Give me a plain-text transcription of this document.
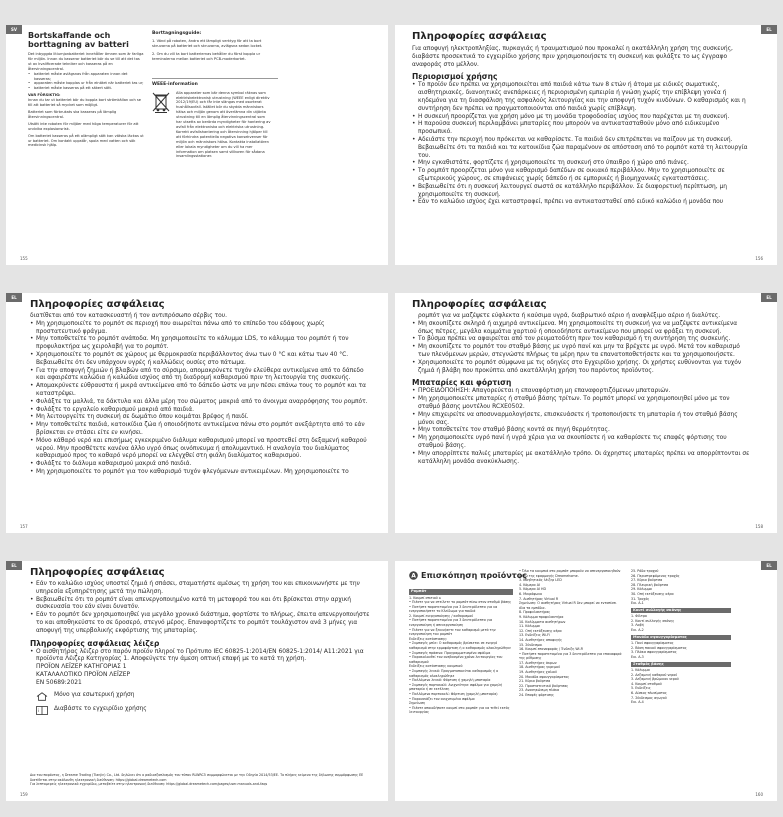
SV
Bortskaffande och
borttagning av batteri
Det inbyggda litiumjonbatteriet innehåller ämnen som är farliga för miljön. Innan du kasserar batteriet bör du se till att det tas ut av kvalificerade tekniker och kasseras på en återvinningscentral.
• batteriet måste avlägsnas från apparaten innan det kasseras;
• apparaten måste kopplas ur från elnätet när batteriet tas ur;
• batteriet måste kasseras på ett säkert sätt.
VAR FÖRSIKTIG:
Innan du tar ut batteriet bör du koppla bort strömkällan och se till att batteriet så mycket som möjligt.
Batteriet som förbrukats ska kasseras på lämplig återvinningscentral.
Utsätt inte roboten för miljöer med höga temperaturer för att undvika explosionsrisk.
Om batteriet kasseras på ett olämpligt sätt kan vätska läckas ut ur batteriet. Om kontakt uppstår, spola med vatten och sök medicinsk hjälp.
Borttagningsguide:
1. Vänd på roboten, ändra ett lämpligt verktyg för att ta bort skruvarna på batteriet och skruvarna, avlägsna sedan locket.
2. Om du vill ta bort batteriernas behåller du först koppla ur terminalerna mellan batteriet och PCB-moderkortet.
WEEE-information
Alla apparater som bär denna symbol räknas som elektriskelektronisk utrustning (WEEE enligt direktiv 2012/19/EU) och får inte slängas med osorterat hushållsavfall. Istället bör du skydda människors hälsa och miljön genom att överlämna din utjänta utrustning till en lämplig återvinningscentral som har utsetts av berörda myndigheter för hantering av avfall från elektroniska och elektriska utrustning. Korrekt avfallshantering och återvinning hjälper till att förhindra potentiella negativa konsekvenser för miljön och människors hälsa. Kontakta installatören eller lokala myndigheter om du vill ha mer information om platsen samt villkoren för sådana insamlingsstationer.
155
EL
Πληροφορίες ασφάλειας
Για αποφυγή ηλεκτροπληξίας, πυρκαγιάς ή τραυματισμού που προκαλεί η ακατάλληλη χρήση της συσκευής, διαβάστε προσεκτικά το εγχειρίδιο χρήσης πριν χρησιμοποιήσετε τη συσκευή και φυλάξτε το ως έγγραφο αναφοράς στο μέλλον.
Περιορισμοί χρήσης
• Το προϊόν δεν πρέπει να χρησιμοποιείται από παιδιά κάτω των 8 ετών ή άτομα με ειδικές σωματικές, αισθητηριακές, διανοητικές ανεπάρκειες ή περιορισμένη εμπειρία ή γνώση χωρίς την επίβλεψη γονέα ή κηδεμόνα για τη διασφάλιση της ασφαλούς λειτουργίας και την αποφυγή τυχόν κινδύνων. Ο καθαρισμός και η συντήρηση δεν πρέπει να πραγματοποιούνται από παιδιά χωρίς επίβλεψη.
• Η συσκευή προορίζεται για χρήση μόνο με τη μονάδα τροφοδοσίας ισχύος που παρέχεται με τη συσκευή.
• Η παρούσα συσκευή περιλαμβάνει μπαταρίες που μπορούν να αντικατασταθούν μόνο από ειδικευμένο προσωπικό.
• Αδειάστε την περιοχή που πρόκειται να καθαρίσετε. Τα παιδιά δεν επιτρέπεται να παίζουν με τη συσκευή. Βεβαιωθείτε ότι τα παιδιά και τα κατοικίδια ζώα παραμένουν σε απόσταση από το ρομπότ κατά τη λειτουργία του.
• Μην εγκαθιστάτε, φορτίζετε ή χρησιμοποιείτε τη συσκευή στο ύπαιθρο ή χώρο από πιάνες.
• Το ρομπότ προορίζεται μόνο για καθαρισμό δαπέδων σε οικιακό περιβάλλον. Μην το χρησιμοποιείτε σε εξωτερικούς χώρους, σε επιφάνειες χωρίς δάπεδο ή σε εμπορικές ή βιομηχανικές εγκαταστάσεις.
• Βεβαιωθείτε ότι η συσκευή λειτουργεί σωστά σε κατάλληλο περιβάλλον. Σε διαφορετική περίπτωση, μη χρησιμοποιείτε τη συσκευή.
• Εάν το καλώδιο ισχύος έχει καταστραφεί, πρέπει να αντικατασταθεί από ειδικό καλώδιο ή μονάδα που
156
EL
Πληροφορίες ασφάλειας
διατίθεται από τον κατασκευαστή ή τον αντιπρόσωπο σέρβις του.
• Μη χρησιμοποιείτε το ρομπότ σε περιοχή που αιωρείται πάνω από το επίπεδο του εδάφους χωρίς προστατευτικό φράγμα.
• Μην τοποθετείτε το ρομπότ ανάποδα. Μη χρησιμοποιείτε το κάλυμμα LDS, το κάλυμμα του ρομπότ ή τον προφυλακτήρα ως χειρολαβή για το ρομπότ.
• Χρησιμοποιείτε το ρομπότ σε χώρους με θερμοκρασία περιβάλλοντος άνω των 0 °C και κάτω των 40 °C. Βεβαιωθείτε ότι δεν υπάρχουν υγρές ή καλλώδεις ουσίες στο πάτωμα.
• Για την αποφυγή ζημιών ή βλαβών από το σύρσιμο, απομακρύνετε τυχόν ελεύθερα αντικείμενα από το δάπεδο και αφαιρέστε καλώδια ή καλώδια ισχύος από τη διαδρομή καθαρισμού πριν τη λειτουργία της συσκευής.
• Απομακρύνετε εύθραυστα ή μικρά αντικείμενα από το δάπεδο ώστε να μην πέσει επάνω τους το ρομπότ και τα καταστρέψει.
• Φυλάξτε τα μαλλιά, τα δάκτυλα και άλλα μέρη του σώματος μακριά από το άνοιγμα αναρρόφησης του ρομπότ.
• Φυλάξτε το εργαλείο καθαρισμού μακριά από παιδιά.
• Μη λειτουργείτε τη συσκευή σε δωμάτιο όπου κοιμάται βρέφος ή παιδί.
• Μην τοποθετείτε παιδιά, κατοικίδια ζώα ή οποιοδήποτε αντικείμενα πάνω στο ρομπότ ανεξάρτητα από το εάν βρίσκεται εν στάσει είτε εν κινήσει.
• Μόνο κάθαρό νερό και επισήμως εγκεκριμένο διάλυμα καθαρισμού μπορεί να προστεθεί στη δεξαμενή καθαρού νερού. Μην προσθέτετε κανένα άλλο υγρό όπως οινόπνευμα ή απολυμαντικό. Η αναλογία του διαλύματος καθαρισμού προς το καθαρό νερό μπορεί να ελεγχθεί στη φιάλη διαλύματος καθαρισμού.
• Φυλάξτε το διάλυμα καθαρισμού μακριά από παιδιά.
• Μη χρησιμοποιείτε το ρομπότ για τον καθαρισμό τυχόν φλεγόμενων αντικειμένων. Μη χρησιμοποιείτε το
157
EL
Πληροφορίες ασφάλειας
ρομπότ για να μαζέψετε εύφλεκτα ή καύσιμα υγρά, διαβρωτικό αέριο ή αναφλέξιμο αέριο ή διαλύτες.
• Μη σκουπίζετε σκληρά ή αιχμηρά αντικείμενα. Μη χρησιμοποιείτε τη συσκευή για να μαζέψετε αντικείμενα όπως πέτρες, μεγάλα κομμάτια χαρτιού ή οποιοδήποτε αντικείμενο που μπορεί να φράξει τη συσκευή.
• Το βύσμα πρέπει να αφαιρείται από τον ρευματοδότη πριν τον καθαρισμό ή τη συντήρηση της συσκευής.
• Μη σκουπίζετε το ρομπότ του σταθμό βάσης με υγρό πανί και μην τα βρέχετε με υγρό. Μετά τον καθαρισμό των πλενόμενων μερών, στεγνώστε πλήρως τα μέρη πριν τα επανατοποθετήσετε και τα χρησιμοποιήσετε.
• Χρησιμοποιείτε το ρομπότ σύμφωνα με τις οδηγίες στο Εγχειρίδιο χρήσης. Οι χρήστες ευθύνονται για τυχόν ζημιά ή βλάβη που προκύπτει από ακατάλληλη χρήση του παρόντος προϊόντος.
Μπαταρίες και φόρτιση
• ΠΡΟΕΙΔΟΠΟΙΗΣΗ: Απαγορεύεται η επαναφόρτιση μη επαναφορτιζόμενων μπαταριών.
• Μη χρησιμοποιείτε μπαταρίες ή σταθμό βάσης τρίτων. Το ρομπότ μπορεί να χρησιμοποιηθεί μόνο με τον σταθμό βάσης μοντέλου RCXE0502.
• Μην επιχειρείτε να αποσυναρμολογήσετε, επισκευάσετε ή τροποποιήσετε τη μπαταρία ή τον σταθμό βάσης μόνοι σας.
• Μην τοποθετείτε τον σταθμό βάσης κοντά σε πηγή θερμότητας.
• Μη χρησιμοποιείτε υγρό πανί ή υγρά χέρια για να σκουπίσετε ή να καθαρίσετε τις επαφές φόρτισης του σταθμού βάσης.
• Μην απορρίπτετε παλιές μπαταρίες με ακατάλληλο τρόπο. Οι άχρηστες μπαταρίες πρέπει να απορρίπτονται σε κατάλληλη μονάδα ανακύκλωσης.
158
EL
Πληροφορίες ασφάλειας
• Εάν το καλώδιο ισχύος υποστεί ζημιά ή σπάσει, σταματήστε αμέσως τη χρήση του και επικοινωνήστε με την υπηρεσία εξυπηρέτησης μετά την πώληση.
• Βεβαιωθείτε ότι το ρομπότ είναι απενεργοποιημένο κατά τη μεταφορά του και ότι βρίσκεται στην αρχική συσκευασία του εάν είναι δυνατόν.
• Εάν το ρομπότ δεν χρησιμοποιηθεί για μεγάλο χρονικό διάστημα, φορτίστε το πλήρως, έπειτα απενεργοποιήστε το και αποθηκεύστε το σε δροσερό, στεγνό μέρος. Επαναφορτίζετε το ρομπότ τουλάχιστον ανά 3 μήνες για αποφυγή της υπερβολικής εκφόρτισης της μπαταρίας.
Πληροφορίες ασφάλειας λέιζερ
• Ο αισθητήρας λέιζερ στο παρόν προϊόν πληροί το Πρότυπο IEC 60825-1:2014/EN 60825-1:2014/ A11:2021 για προϊόντα Λέιζερ Κατηγορίας 1. Αποφεύγετε την άμεση οπτική επαφή με το κατά τη χρήση.
ΠΡΟΪΟΝ ΛΕΪΖΕΡ ΚΑΤΗΓΟΡΙΑΣ 1
ΚΑΤΑΛΑΛΟΤΙΚΟ ΠΡΟΪΟΝ ΛΕΪΖΕΡ
EN 50689:2021
Μόνο για εσωτερική χρήση
i	Διαβάστε το εγχειρίδιο χρήσης
Δια του παρόντος, η Dreame Trading (Tianjin) Co., Ltd. δηλώνει ότι ο ραδιοεξοπλισμός του τύπου RLWRC5 συμμορφώνεται με την Οδηγία 2014/53/ΕΕ. Το πλήρες κείμενο της δήλωσης συμμόρφωσης ΕΕ διατίθεται στην ακόλουθη ηλεκτρονική διεύθυνση: https://global.dreametech.com
Για λεπτομερείς ηλεκτρονικό εγχειρίδιο, μεταβείτε στην ηλεκτρονική διεύθυνση: https://global.dreametech.com/pages/user-manuals-and-faqs
159
EL
A Επισκόπηση προϊόντος
Ρομπότ
1. Κουμπί σπιτιού ⌂
• Πιέστε για να στείλετε το ρομπότ πίσω στον σταθμό βάσης
• Πατήστε παρατεταμένα για 3 δευτερόλεπτα για να ενεργοποιήσετε το Κλείδωμα για παιδιά
2. Κουμπί ενεργοποίησης / καθαρισμού
• Πατήστε παρατεταμένα για 3 δευτερόλεπτα για ενεργοποίηση ή απενεργοποίηση
• Πιέστε για να ξεκινήσετε τον καθαρισμό μετά την ενεργοποίηση του ρομπότ
Ενδείξεις κατάστασης:
• Συμπαγές μπλε: Ο καθαρισμός βρίσκεται σε ενεργό καθαρισμό στην ερμοφόρτιση ή ο καθαρισμός ολοκληρώθηκε
• Συμπαγές πράσινο: Προγραμματισμένο σφάλμα
• Παρακολουθεί τον ανεβασμένο χρόνο λειτουργίας του καθαρισμού
Ενδείξεις κατάστασης κουμπιού:
• Συμπαγής λευκό: Πραγματοποιείται καθαρισμός ή ο καθαρισμός ολοκληρώθηκε
• Παλλόμενο λευκό: Φόρτιση ή χαμηλή μπαταρία
• Συμπαγές πορτοκαλί: Ανιχνεύτηκε σφάλμα για χαμηλή μπαταρία ή σε εκτέλεση
• Παλλόμενο πορτοκαλί: Φόρτιση (χαμηλή μπαταρία)
• Παρουσιάζει τον ανιχνευμένο σφάλμα
Σημείωση
• Πιέστε οποιοδήποτε κουμπί στο ρομπότ για να τεθεί εκτός λειτουργίας
• Όλα τα κουμπιά στο ρομπότ μπορούν να απενεργοποιηθούν μέσω της εφαρμογής Dreamehome.
3. Βοηθητικός λέιζερ LED
4. Κάμερα AI
5. Κάμερα AI HD
6. Μικρόφωνο
7. Αισθητήρας Virtual R
Σημείωση: Ο αισθητήρας Virtual R δεν μπορεί να εντοπίσει όλα τα εμπόδια.
8. Προφυλακτήρας
9. Κάλυμμα προφυλακτήρα
10. Καλύμματα αισθητήρων
11. Κάλυμμα
12. Οπή εκτόξευσης αέρα
13. Ενδείξεις Wi-Fi
14. Αισθητήρες αποφυγής
15. Σύνδεσμοι
16. Κουμπί επαναφοράς / Ένδειξη Wi-Fi
• Πατήστε παρατεταμένα για 3 δευτερόλεπτα για επαναφορά της ρύθμισης
17. Αισθητήρες άκρων
18. Αισθητήρας γκρεμού
19. Αισθητήρες χαλιού
20. Μονάδα σφουγγαρίσματος
21. Κύρια βούρτσα
22. Προστατευτικό βούρτσας
23. Ανασηκώσιμη πλάκα
24. Επαφές φόρτισης
25. Ρόδα τροχού
26. Περιστρεφόμενος τροχός
27. Κύρια βούρτσα
28. Πλευρική βούρτσα
29. Κάλυμμα
30. Οπή εκτόξευσης αέρα
31. Τροχός
Εικ. Α-1
Κουτί συλλογής σκόνης
1. Φίλτρο
2. Κουτί συλλογής σκόνης
3. Λαβή
Εικ. Α-2
Μονάδα σφουγγαρίσματος
1. Πανί σφουγγαρίσματος
2. Βάση πανιού σφουγγαρίσματος
3. Πλάκα σφουγγαρίσματος
Εικ. Α-3
Σταθμός βάσης
1. Κάλυμμα
2. Δεξαμενή καθαρού νερού
3. Δεξαμενή βρώμικου νερού
4. Κουμπί σταθμού
5. Ενδείξεις
6. Δίσκος πλυσίματος
7. Σύνδεσμος αγωγού
Εικ. Α-4
160
